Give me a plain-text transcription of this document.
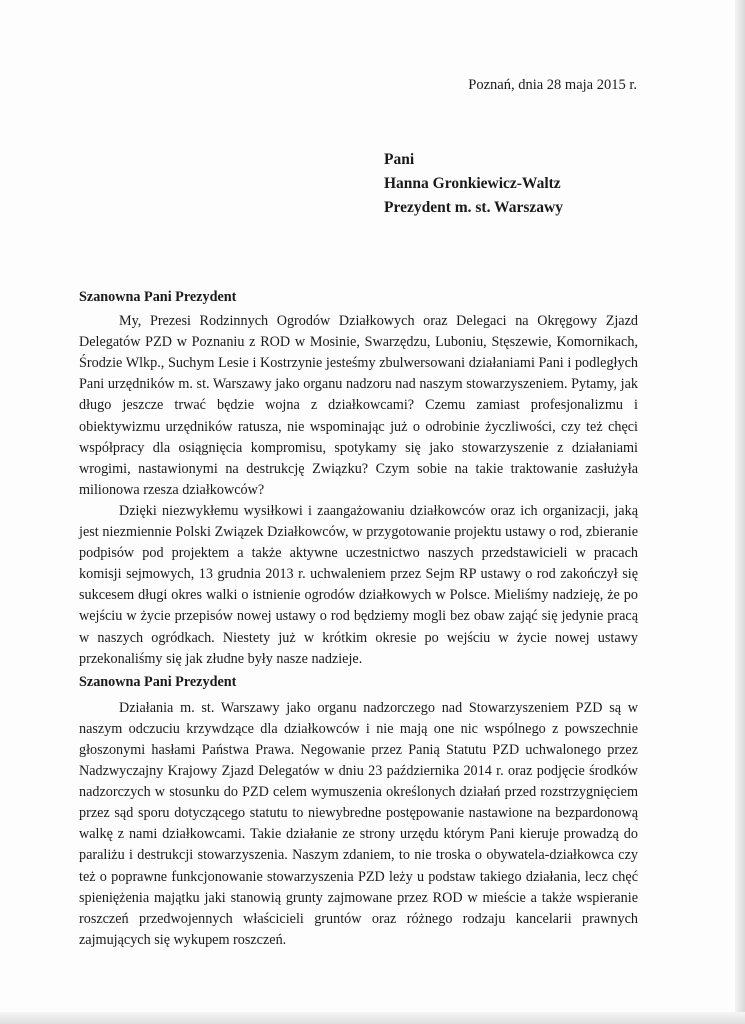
Poznań, dnia 28 maja 2015 r.
Pani
Hanna Gronkiewicz-Waltz
Prezydent m. st. Warszawy
Szanowna Pani Prezydent

My, Prezesi Rodzinnych Ogrodów Działkowych oraz Delegaci na Okręgowy Zjazd Delegatów PZD w Poznaniu z ROD w Mosinie, Swarzędzu, Luboniu, Stęszewie, Komornikach, Środzie Wlkp., Suchym Lesie i Kostrzynie jesteśmy zbulwersowani działaniami Pani i podległych Pani urzędników m. st. Warszawy jako organu nadzoru nad naszym stowarzyszeniem. Pytamy, jak długo jeszcze trwać będzie wojna z działkowcami? Czemu zamiast profesjonalizmu i obiektywizmu urzędników ratusza, nie wspominając już o odrobinie życzliwości, czy też chęci współpracy dla osiągnięcia kompromisu, spotykamy się jako stowarzyszenie z działaniami wrogimi, nastawionymi na destrukcję Związku? Czym sobie na takie traktowanie zasłużyła milionowa rzesza działkowców?

Dzięki niezwykłemu wysiłkowi i zaangażowaniu działkowców oraz ich organizacji, jaką jest niezmiennie Polski Związek Działkowców, w przygotowanie projektu ustawy o rod, zbieranie podpisów pod projektem a także aktywne uczestnictwo naszych przedstawicieli w pracach komisji sejmowych, 13 grudnia 2013 r. uchwaleniem przez Sejm RP ustawy o rod zakończył się sukcesem długi okres walki o istnienie ogrodów działkowych w Polsce. Mieliśmy nadzieję, że po wejściu w życie przepisów nowej ustawy o rod będziemy mogli bez obaw zająć się jedynie pracą w naszych ogródkach. Niestety już w krótkim okresie po wejściu w życie nowej ustawy przekonaliśmy się jak złudne były nasze nadzieje.

Szanowna Pani Prezydent

Działania m. st. Warszawy jako organu nadzorczego nad Stowarzyszeniem PZD są w naszym odczuciu krzywdzące dla działkowców i nie mają one nic wspólnego z powszechnie głoszonymi hasłami Państwa Prawa. Negowanie przez Panią Statutu PZD uchwalonego przez Nadzwyczajny Krajowy Zjazd Delegatów w dniu 23 października 2014 r. oraz podjęcie środków nadzorczych w stosunku do PZD celem wymuszenia określonych działań przed rozstrzygnięciem przez sąd sporu dotyczącego statutu to niewybredne postępowanie nastawione na bezpardonową walkę z nami działkowcami. Takie działanie ze strony urzędu którym Pani kieruje prowadzą do paraliżu i destrukcji stowarzyszenia. Naszym zdaniem, to nie troska o obywatela-działkowca czy też o poprawne funkcjonowanie stowarzyszenia PZD leży u podstaw takiego działania, lecz chęć spieniężenia majątku jaki stanowią grunty zajmowane przez ROD w mieście a także wspieranie roszczeń przedwojennych właścicieli gruntów oraz różnego rodzaju kancelarii prawnych zajmujących się wykupem roszczeń.
